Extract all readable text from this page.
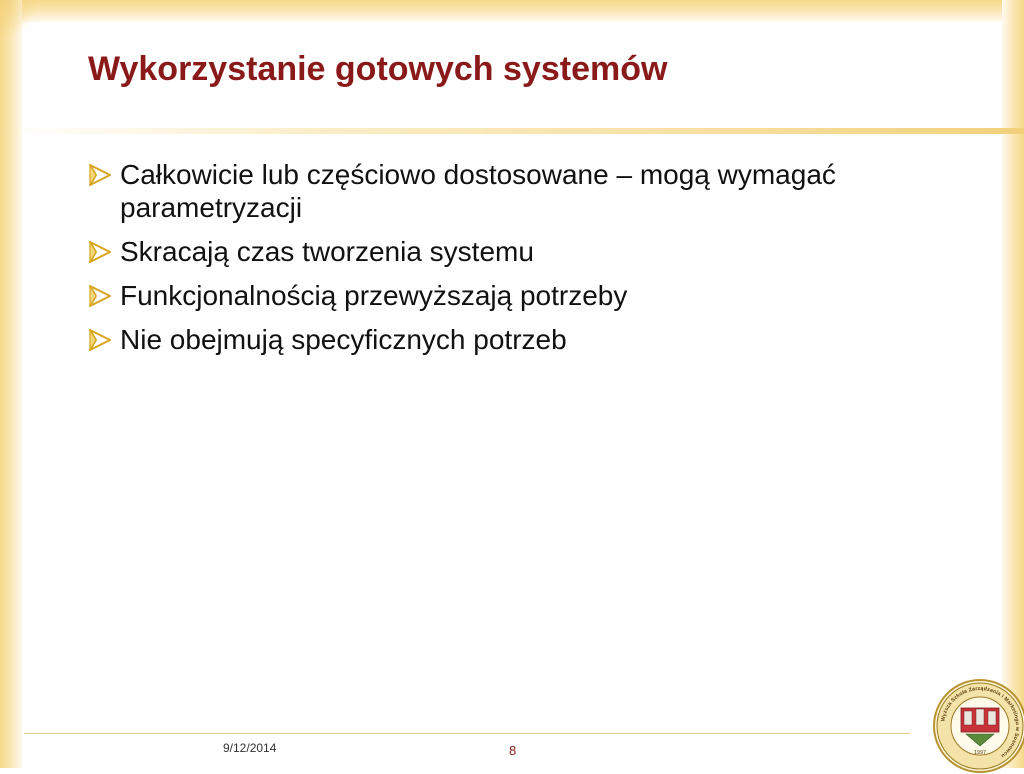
Wykorzystanie gotowych systemów
Całkowicie lub częściowo dostosowane – mogą wymagać parametryzacji
Skracają czas tworzenia systemu
Funkcjonalnością przewyższają potrzeby
Nie obejmują specyficznych potrzeb
9/12/2014	8
Wyższa Szkoła Zarządzania i Marketingu w Sosnowcu
1997
